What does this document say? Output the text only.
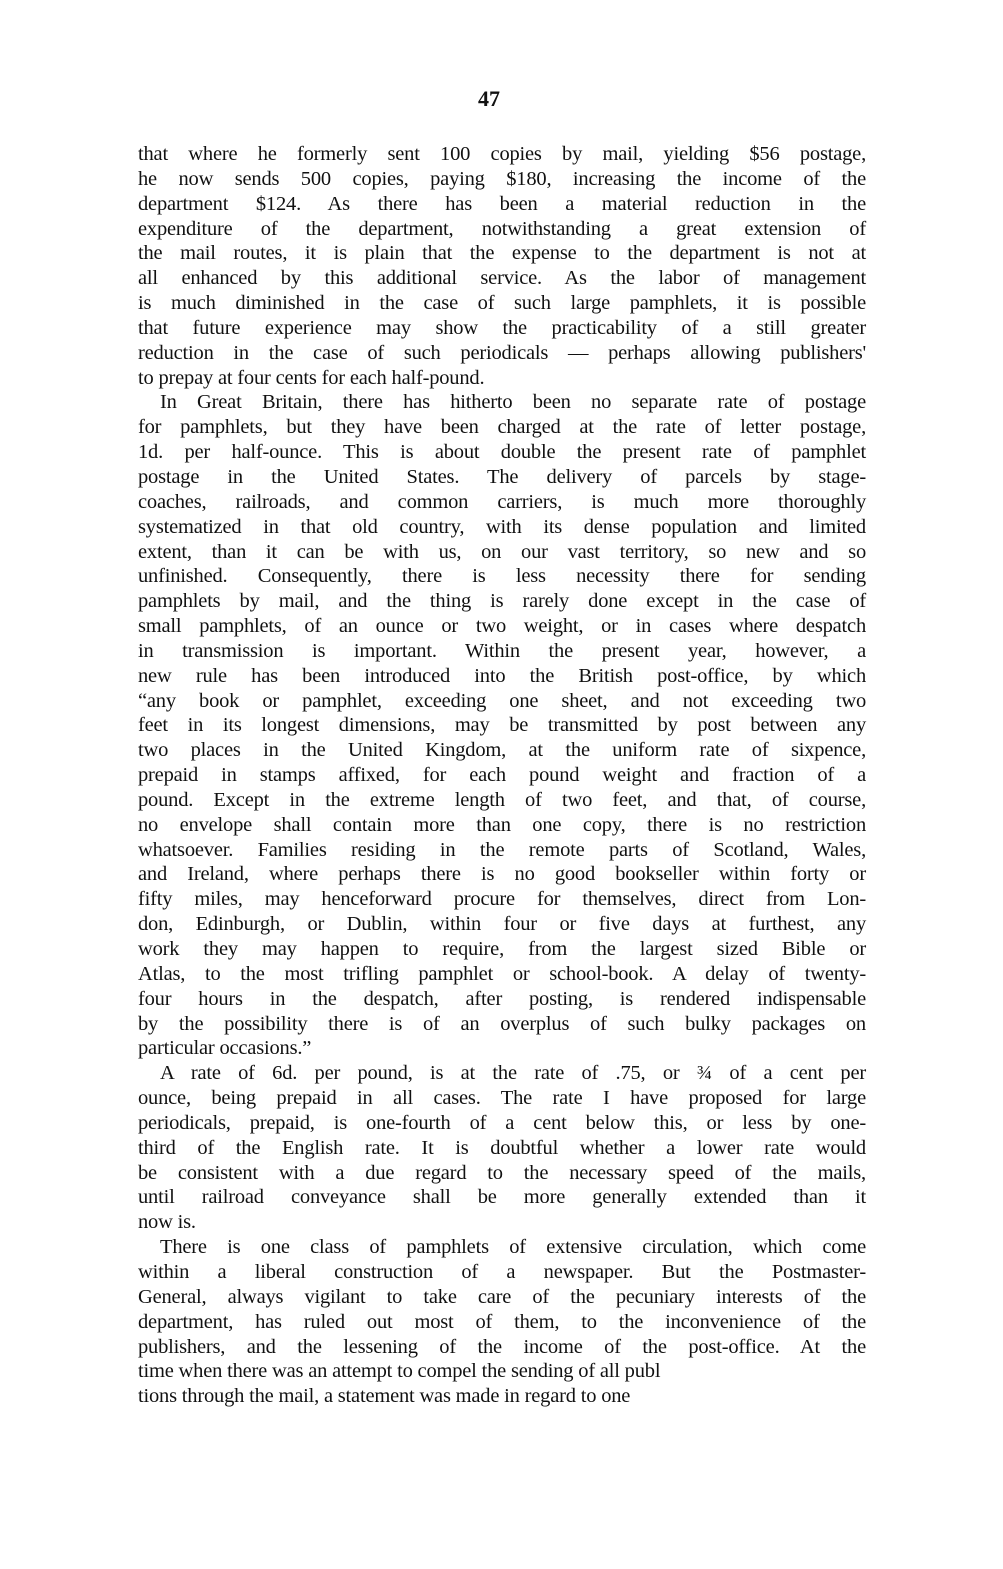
47
that where he formerly sent 100 copies by mail, yielding $56 postage,
he now sends 500 copies, paying $180, increasing the income of the
department $124. As there has been a material reduction in the
expenditure of the department, notwithstanding a great extension of
the mail routes, it is plain that the expense to the department is not at
all enhanced by this additional service. As the labor of management
is much diminished in the case of such large pamphlets, it is possible
that future experience may show the practicability of a still greater
reduction in the case of such periodicals — perhaps allowing publishers'
to prepay at four cents for each half-pound.
In Great Britain, there has hitherto been no separate rate of postage
for pamphlets, but they have been charged at the rate of letter postage,
1d. per half-ounce. This is about double the present rate of pamphlet
postage in the United States. The delivery of parcels by stage-
coaches, railroads, and common carriers, is much more thoroughly
systematized in that old country, with its dense population and limited
extent, than it can be with us, on our vast territory, so new and so
unfinished. Consequently, there is less necessity there for sending
pamphlets by mail, and the thing is rarely done except in the case of
small pamphlets, of an ounce or two weight, or in cases where despatch
in transmission is important. Within the present year, however, a
new rule has been introduced into the British post-office, by which
“any book or pamphlet, exceeding one sheet, and not exceeding two
feet in its longest dimensions, may be transmitted by post between any
two places in the United Kingdom, at the uniform rate of sixpence,
prepaid in stamps affixed, for each pound weight and fraction of a
pound. Except in the extreme length of two feet, and that, of course,
no envelope shall contain more than one copy, there is no restriction
whatsoever. Families residing in the remote parts of Scotland, Wales,
and Ireland, where perhaps there is no good bookseller within forty or
fifty miles, may henceforward procure for themselves, direct from Lon-
don, Edinburgh, or Dublin, within four or five days at furthest, any
work they may happen to require, from the largest sized Bible or
Atlas, to the most trifling pamphlet or school-book. A delay of twenty-
four hours in the despatch, after posting, is rendered indispensable
by the possibility there is of an overplus of such bulky packages on
particular occasions.”
A rate of 6d. per pound, is at the rate of .75, or ¾ of a cent per
ounce, being prepaid in all cases. The rate I have proposed for large
periodicals, prepaid, is one-fourth of a cent below this, or less by one-
third of the English rate. It is doubtful whether a lower rate would
be consistent with a due regard to the necessary speed of the mails,
until railroad conveyance shall be more generally extended than it
now is.
There is one class of pamphlets of extensive circulation, which come
within a liberal construction of a newspaper. But the Postmaster-
General, always vigilant to take care of the pecuniary interests of the
department, has ruled out most of them, to the inconvenience of the
publishers, and the lessening of the income of the post-office. At the
time when there was an attempt to compel the sending of all publ
tions through the mail, a statement was made in regard to one
